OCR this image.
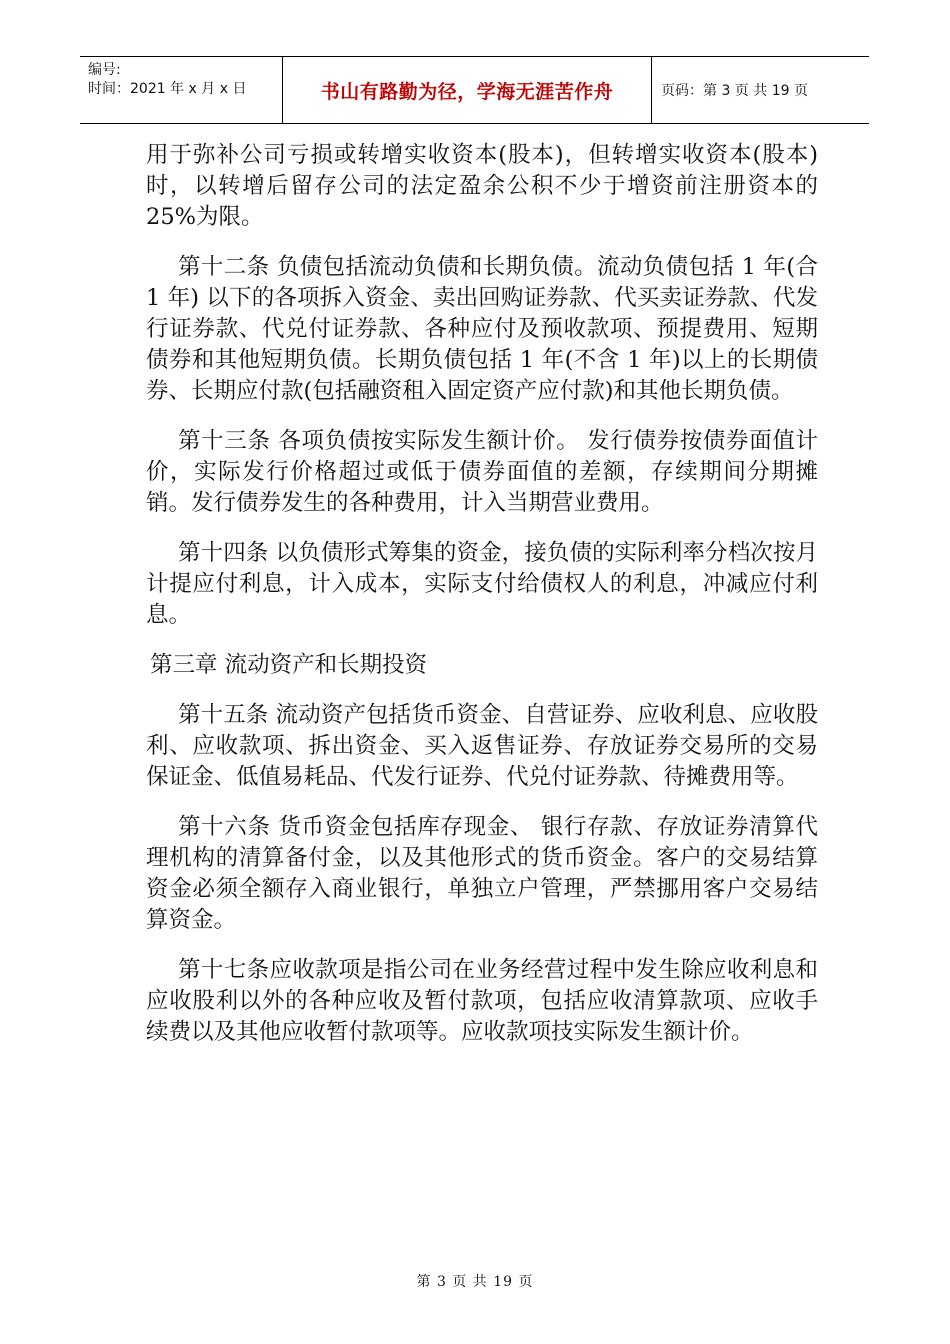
编号:
时间：2021 年 x 月 x 日	书山有路勤为径，学海无涯苦作舟	页码：第 3 页 共 19 页

用于弥补公司亏损或转增实收资本(股本)，但转增实收资本(股本)时，以转增后留存公司的法定盈余公积不少于增资前注册资本的 25%为限。

第十二条 负债包括流动负债和长期负债。流动负债包括 1 年(合 1 年) 以下的各项拆入资金、卖出回购证券款、代买卖证券款、代发行证券款、代兑付证券款、各种应付及预收款项、预提费用、短期债券和其他短期负债。长期负债包括 1 年(不含 1 年)以上的长期债券、长期应付款(包括融资租入固定资产应付款)和其他长期负债。

第十三条 各项负债按实际发生额计价。 发行债券按债券面值计价，实际发行价格超过或低于债券面值的差额，存续期间分期摊销。发行债券发生的各种费用，计入当期营业费用。

第十四条 以负债形式筹集的资金，接负债的实际利率分档次按月计提应付利息，计入成本，实际支付给债权人的利息，冲减应付利息。

第三章 流动资产和长期投资

第十五条 流动资产包括货币资金、自营证券、应收利息、应收股利、应收款项、拆出资金、买入返售证券、存放证券交易所的交易保证金、低值易耗品、代发行证券、代兑付证券款、待摊费用等。

第十六条 货币资金包括库存现金、 银行存款、存放证券清算代理机构的清算备付金，以及其他形式的货币资金。客户的交易结算资金必须全额存入商业银行，单独立户管理，严禁挪用客户交易结算资金。

第十七条应收款项是指公司在业务经营过程中发生除应收利息和应收股利以外的各种应收及暂付款项，包括应收清算款项、应收手续费以及其他应收暂付款项等。应收款项技实际发生额计价。

第 3 页 共 19 页
